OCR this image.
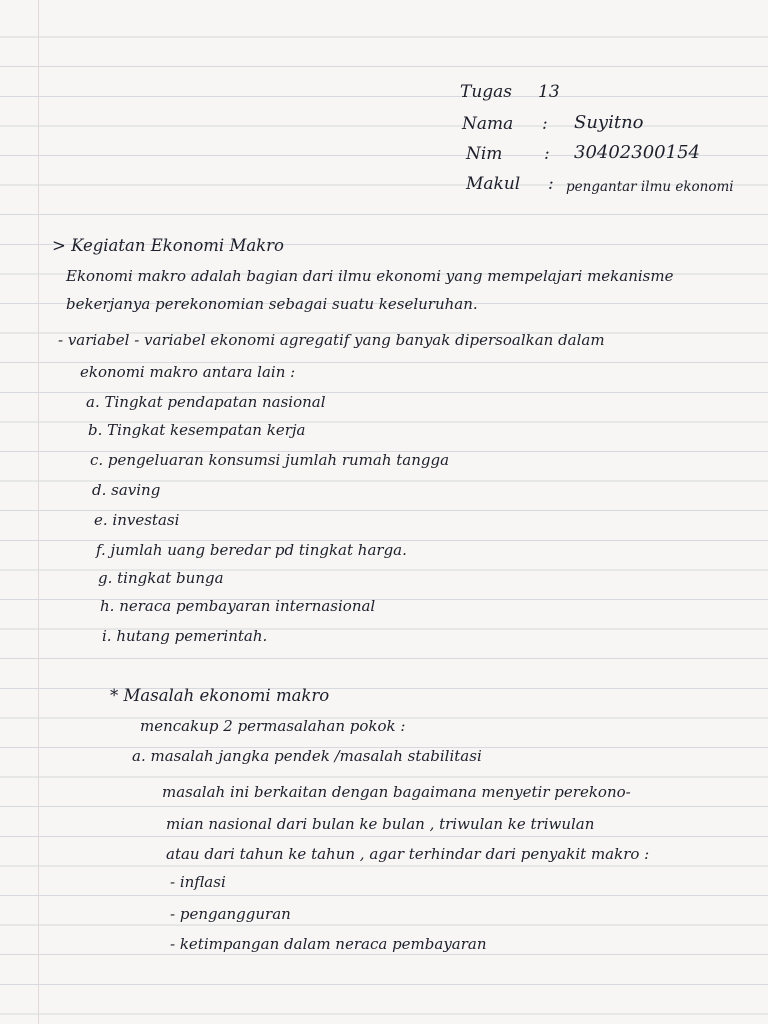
Tugas 13
Nama : Suyitno
Nim : 30402300154
Makul : pengantar ilmu ekonomi
> Kegiatan Ekonomi Makro
Ekonomi makro adalah bagian dari ilmu ekonomi yang mempelajari mekanisme
bekerjanya perekonomian sebagai suatu keseluruhan.
- variabel - variabel ekonomi agregatif yang banyak dipersoalkan dalam
ekonomi makro antara lain :
a. Tingkat pendapatan nasional
b. Tingkat kesempatan kerja
c. pengeluaran konsumsi jumlah rumah tangga
d. saving
e. investasi
f. jumlah uang beredar pd tingkat harga.
g. tingkat bunga
h. neraca pembayaran internasional
i. hutang pemerintah.
* Masalah ekonomi makro
mencakup 2 permasalahan pokok :
a. masalah jangka pendek /masalah stabilitasi
masalah ini berkaitan dengan bagaimana menyetir perekono-
mian nasional dari bulan ke bulan , triwulan ke triwulan
atau dari tahun ke tahun , agar terhindar dari penyakit makro :
- inflasi
- pengangguran
- ketimpangan dalam neraca pembayaran
